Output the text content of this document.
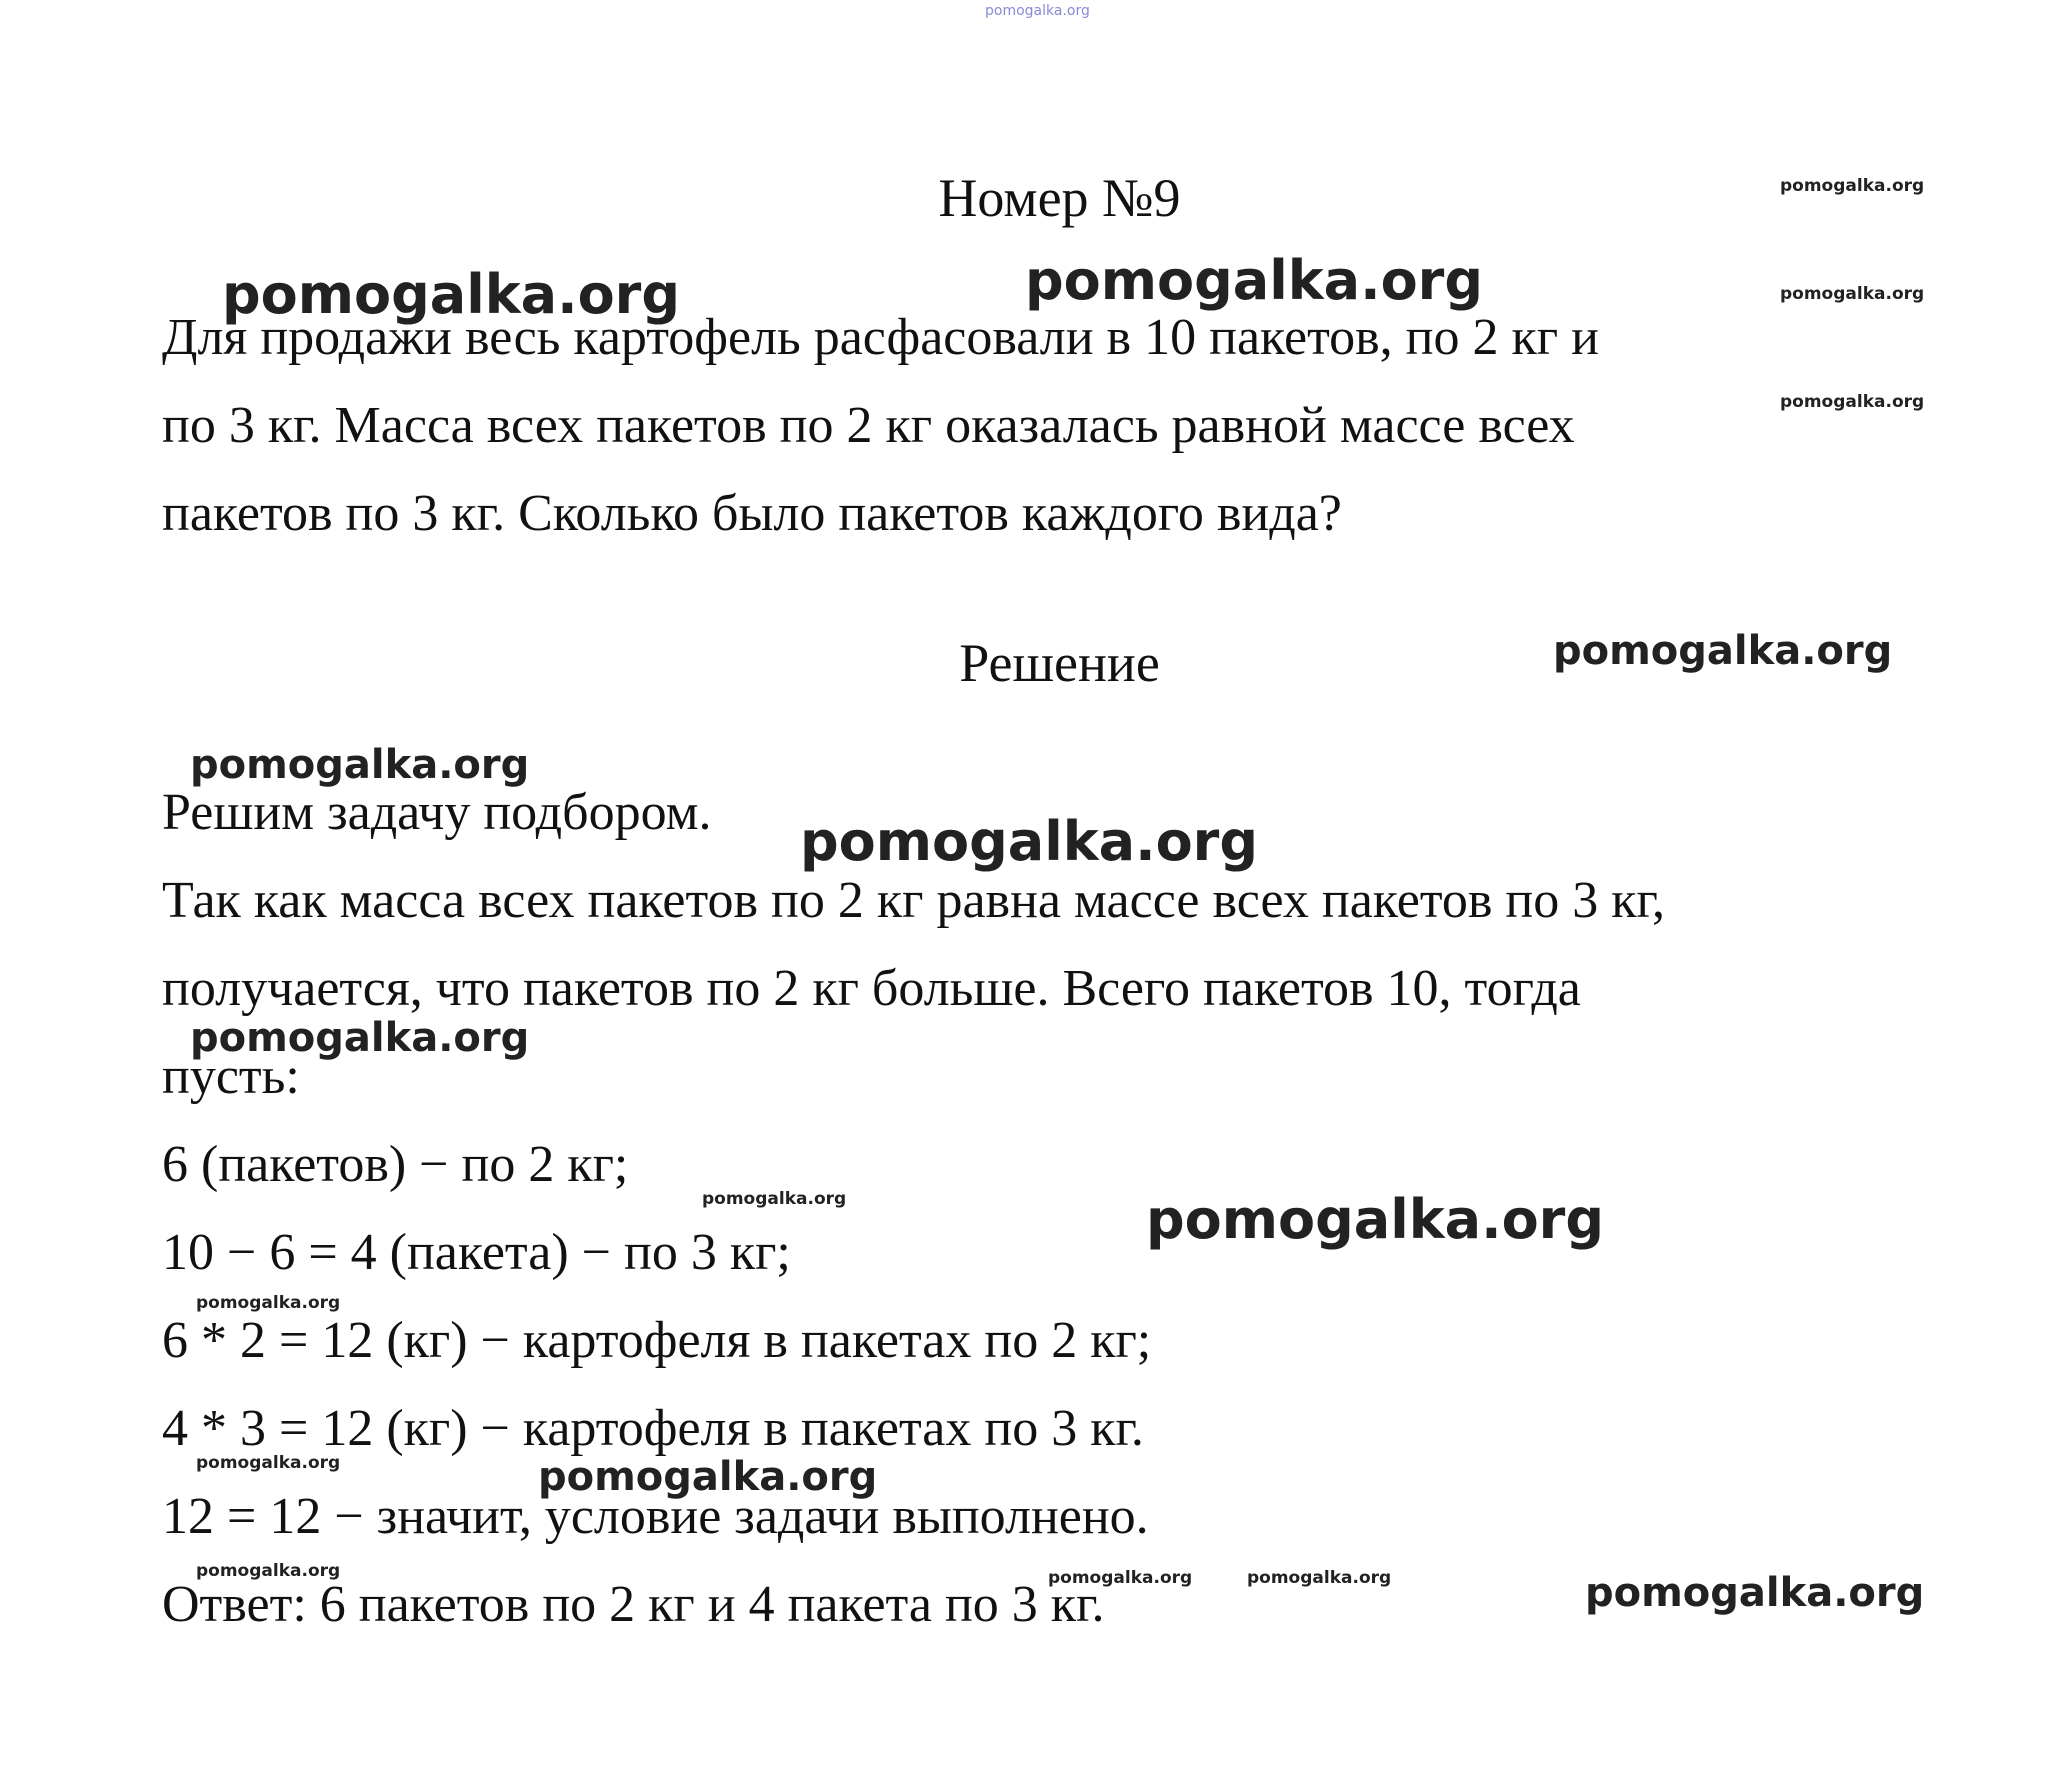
Номер №9
Для продажи весь картофель расфасовали в 10 пакетов, по 2 кг и
по 3 кг. Масса всех пакетов по 2 кг оказалась равной массе всех
пакетов по 3 кг. Сколько было пакетов каждого вида?
Решение
Решим задачу подбором.
Так как масса всех пакетов по 2 кг равна массе всех пакетов по 3 кг,
получается, что пакетов по 2 кг больше. Всего пакетов 10, тогда
пусть:
6 (пакетов) − по 2 кг;
10 − 6 = 4 (пакета) − по 3 кг;
6 * 2 = 12 (кг) − картофеля в пакетах по 2 кг;
4 * 3 = 12 (кг) − картофеля в пакетах по 3 кг.
12 = 12 − значит, условие задачи выполнено.
Ответ: 6 пакетов по 2 кг и 4 пакета по 3 кг.
pomogalka.org
pomogalka.org
pomogalka.org
pomogalka.org
pomogalka.org	pomogalka.org
pomogalka.org
pomogalka.org
pomogalka.org
pomogalka.org
pomogalka.org	pomogalka.org
pomogalka.org
pomogalka.org	pomogalka.org
pomogalka.org	pomogalka.org	pomogalka.org	pomogalka.org
